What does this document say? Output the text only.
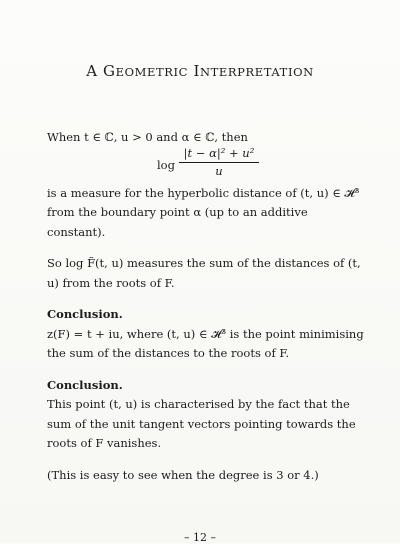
A GEOMETRIC INTERPRETATION

When t ∈ ℂ, u > 0 and α ∈ ℂ, then

$\log \frac{\text{|t − α|² + u²}}{u}$

is a measure for the hyperbolic distance of (t, u) ∈ 𝓗³ from the boundary point α (up to an additive constant).

So log F̃(t, u) measures the sum of the distances of (t, u) from the roots of F.

Conclusion.

z(F) = t + iu, where (t, u) ∈ 𝓗³ is the point minimising the sum of the distances to the roots of F.

Conclusion.

This point (t, u) is characterised by the fact that the sum of the unit tangent vectors pointing towards the roots of F vanishes.

(This is easy to see when the degree is 3 or 4.)

– 12 –
